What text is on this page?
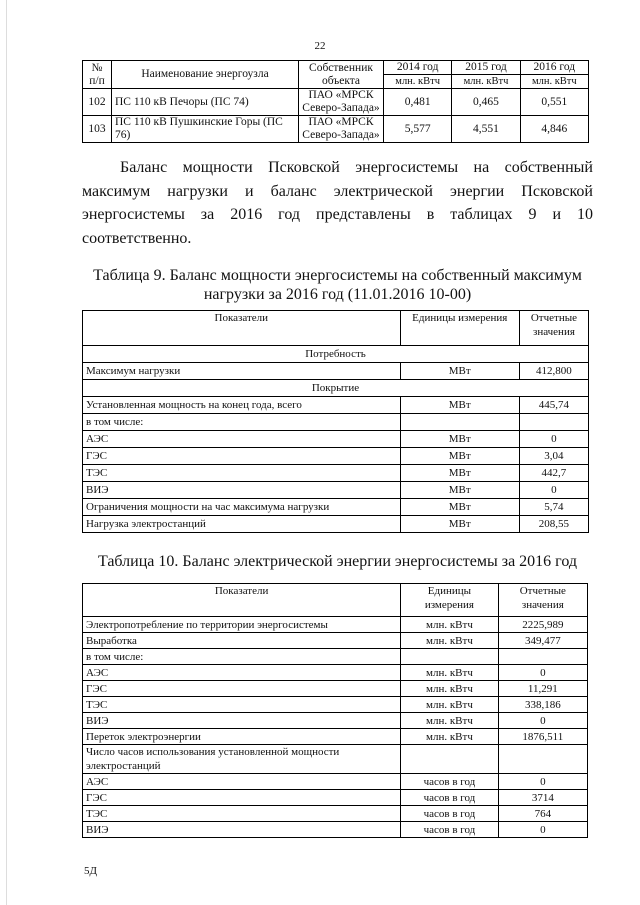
22
№ п/п	Наименование энергоузла	Собственник объекта	2014 год	2015 год	2016 год
			млн. кВтч	млн. кВтч	млн. кВтч
102	ПС 110 кВ Печоры (ПС 74)	ПАО «МРСК Северо-Запада»	0,481	0,465	0,551
103	ПС 110 кВ Пушкинские Горы (ПС 76)	ПАО «МРСК Северо-Запада»	5,577	4,551	4,846

Баланс мощности Псковской энергосистемы на собственный максимум нагрузки и баланс электрической энергии Псковской энергосистемы за 2016 год представлены в таблицах 9 и 10 соответственно.

Таблица 9. Баланс мощности энергосистемы на собственный максимум нагрузки за 2016 год (11.01.2016 10-00)

Показатели	Единицы измерения	Отчетные значения
Потребность		
Максимум нагрузки	МВт	412,800
Покрытие		
Установленная мощность на конец года, всего	МВт	445,74
в том числе:		
АЭС	МВт	0
ГЭС	МВт	3,04
ТЭС	МВт	442,7
ВИЭ	МВт	0
Ограничения мощности на час максимума нагрузки	МВт	5,74
Нагрузка электростанций	МВт	208,55

Таблица 10. Баланс электрической энергии энергосистемы за 2016 год

Показатели	Единицы измерения	Отчетные значения
Электропотребление по территории энергосистемы	млн. кВтч	2225,989
Выработка	млн. кВтч	349,477
в том числе:		
АЭС	млн. кВтч	0
ГЭС	млн. кВтч	11,291
ТЭС	млн. кВтч	338,186
ВИЭ	млн. кВтч	0
Переток электроэнергии	млн. кВтч	1876,511
Число часов использования установленной мощности электростанций		
АЭС	часов в год	0
ГЭС	часов в год	3714
ТЭС	часов в год	764
ВИЭ	часов в год	0
5Д
